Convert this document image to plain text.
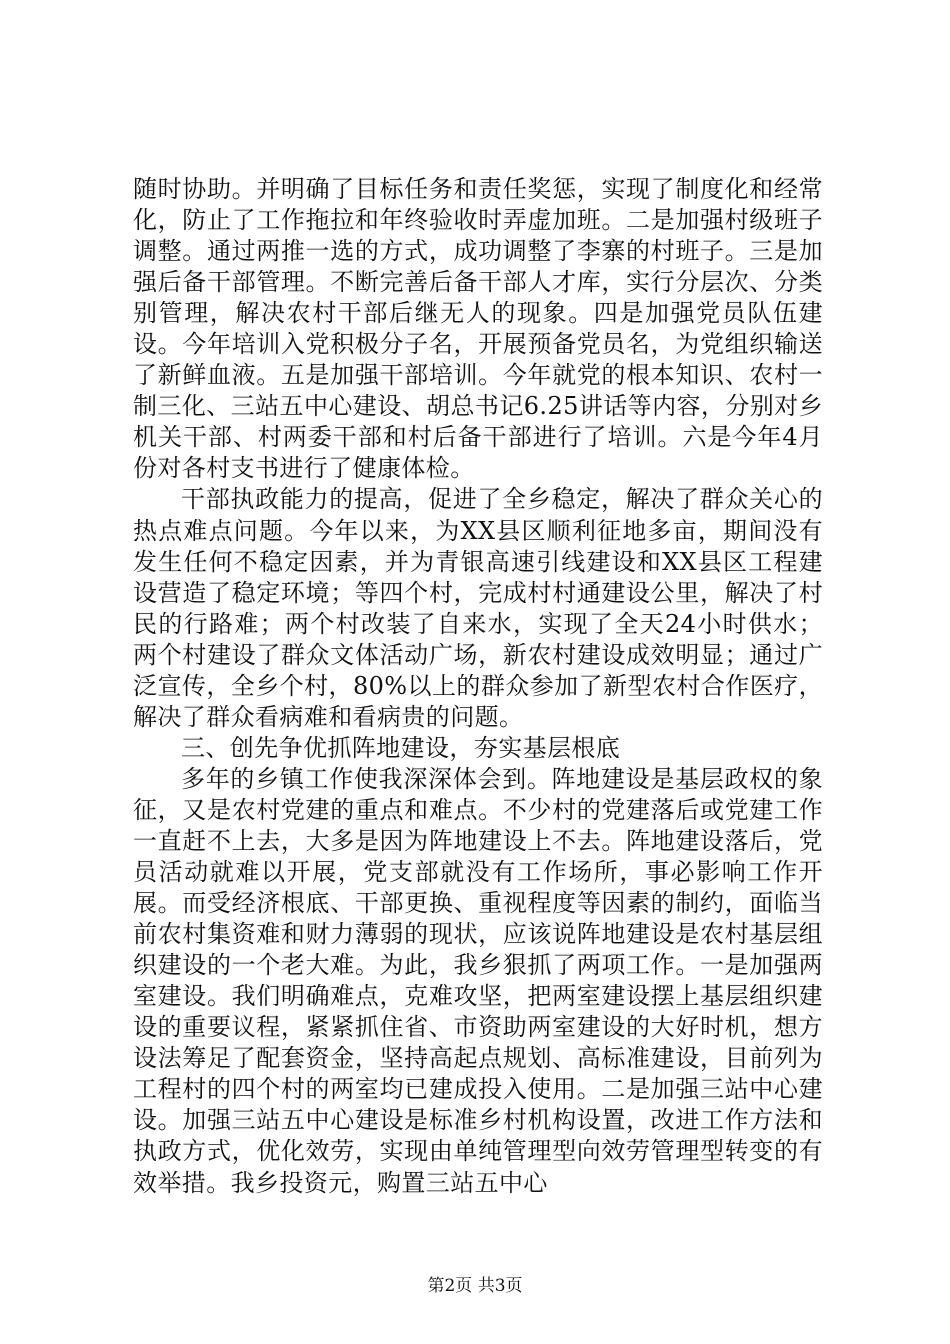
随时协助。并明确了目标任务和责任奖惩，实现了制度化和经常化，防止了工作拖拉和年终验收时弄虚加班。二是加强村级班子调整。通过两推一选的方式，成功调整了李寨的村班子。三是加强后备干部管理。不断完善后备干部人才库，实行分层次、分类别管理，解决农村干部后继无人的现象。四是加强党员队伍建设。今年培训入党积极分子名，开展预备党员名，为党组织输送了新鲜血液。五是加强干部培训。今年就党的根本知识、农村一制三化、三站五中心建设、胡总书记6.25讲话等内容，分别对乡机关干部、村两委干部和村后备干部进行了培训。六是今年4月份对各村支书进行了健康体检。

干部执政能力的提高，促进了全乡稳定，解决了群众关心的热点难点问题。今年以来，为XX县区顺利征地多亩，期间没有发生任何不稳定因素，并为青银高速引线建设和XX县区工程建设营造了稳定环境；等四个村，完成村村通建设公里，解决了村民的行路难；两个村改装了自来水，实现了全天24小时供水；两个村建设了群众文体活动广场，新农村建设成效明显；通过广泛宣传，全乡个村，80%以上的群众参加了新型农村合作医疗，解决了群众看病难和看病贵的问题。

三、创先争优抓阵地建设，夯实基层根底

多年的乡镇工作使我深深体会到。阵地建设是基层政权的象征，又是农村党建的重点和难点。不少村的党建落后或党建工作一直赶不上去，大多是因为阵地建设上不去。阵地建设落后，党员活动就难以开展，党支部就没有工作场所，事必影响工作开展。而受经济根底、干部更换、重视程度等因素的制约，面临当前农村集资难和财力薄弱的现状，应该说阵地建设是农村基层组织建设的一个老大难。为此，我乡狠抓了两项工作。一是加强两室建设。我们明确难点，克难攻坚，把两室建设摆上基层组织建设的重要议程，紧紧抓住省、市资助两室建设的大好时机，想方设法筹足了配套资金，坚持高起点规划、高标准建设，目前列为工程村的四个村的两室均已建成投入使用。二是加强三站中心建设。加强三站五中心建设是标准乡村机构设置，改进工作方法和执政方式，优化效劳，实现由单纯管理型向效劳管理型转变的有效举措。我乡投资元，购置三站五中心

第2页 共3页
